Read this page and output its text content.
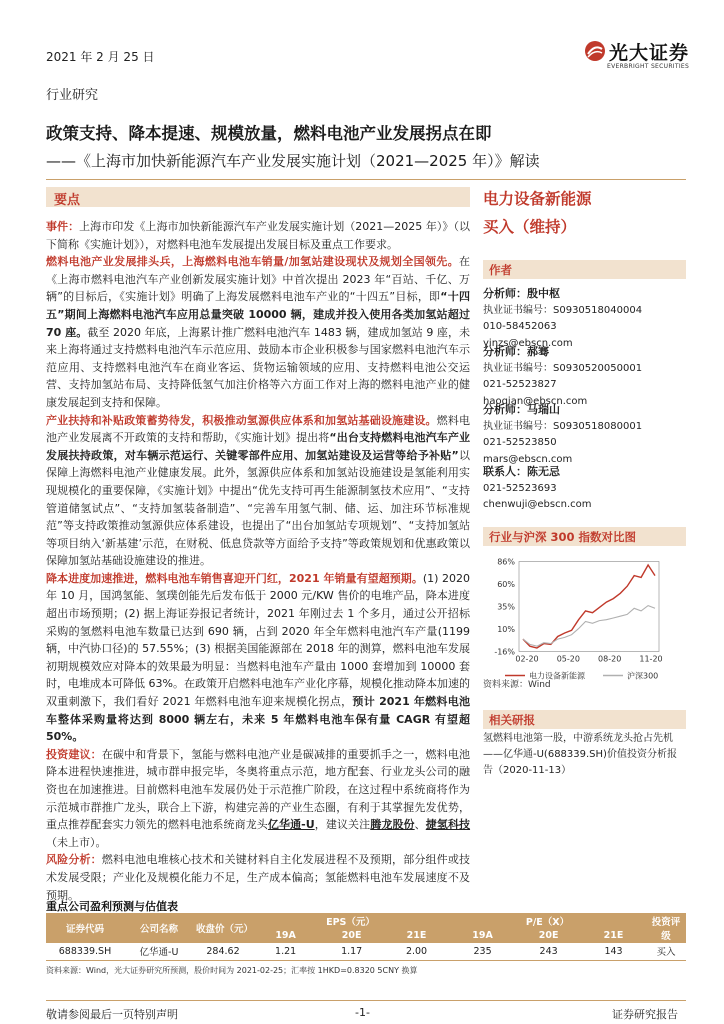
2021 年 2 月 25 日	光大证券
EVERBRIGHT SECURITIES
行业研究
政策支持、降本提速、规模放量，燃料电池产业发展拐点在即
——《上海市加快新能源汽车产业发展实施计划（2021—2025 年）》解读
要点

事件：上海市印发《上海市加快新能源汽车产业发展实施计划（2021—2025 年）》（以下简称《实施计划》），对燃料电池车发展提出发展目标及重点工作要求。

燃料电池产业发展排头兵，上海燃料电池车销量/加氢站建设现状及规划全国领先。在《上海市燃料电池汽车产业创新发展实施计划》中首次提出 2023 年“百站、千亿、万辆”的目标后，《实施计划》明确了上海发展燃料电池车产业的“十四五”目标，即“十四五”期间上海燃料电池汽车应用总量突破 10000 辆，建成并投入使用各类加氢站超过 70 座。截至 2020 年底，上海累计推广燃料电池汽车 1483 辆，建成加氢站 9 座，未来上海将通过支持燃料电池汽车示范应用、鼓励本市企业积极参与国家燃料电池汽车示范应用、支持燃料电池汽车在商业客运、货物运输领域的应用、支持燃料电池公交运营、支持加氢站布局、支持降低氢气加注价格等六方面工作对上海的燃料电池产业的健康发展起到支持和保障。

产业扶持和补贴政策蓄势待发，积极推动氢源供应体系和加氢站基础设施建设。燃料电池产业发展离不开政策的支持和帮助，《实施计划》提出将“出台支持燃料电池汽车产业发展扶持政策，对车辆示范运行、关键零部件应用、加氢站建设及运营等给予补贴”以保障上海燃料电池产业健康发展。此外，氢源供应体系和加氢站设施建设是氢能利用实现规模化的重要保障，《实施计划》中提出“优先支持可再生能源制氢技术应用”、“支持管道储氢试点”、“支持加氢装备制造”、“完善车用氢气制、储、运、加注环节标准规范”等支持政策推动氢源供应体系建设，也提出了“出台加氢站专项规划”、“支持加氢站等项目纳入‘新基建’示范，在财税、低息贷款等方面给予支持”等政策规划和优惠政策以保障加氢站基础设施建设的推进。

降本进度加速推进，燃料电池车销售喜迎开门红，2021 年销量有望超预期。(1) 2020 年 10 月，国鸿氢能、氢璞创能先后发布低于 2000 元/KW 售价的电堆产品，降本进度超出市场预期；(2) 据上海证券报记者统计，2021 年刚过去 1 个多月，通过公开招标采购的氢燃料电池车数量已达到 690 辆，占到 2020 年全年燃料电池汽车产量(1199 辆，中汽协口径)的 57.55%；(3) 根据美国能源部在 2018 年的测算，燃料电池车发展初期规模效应对降本的效果最为明显：当燃料电池车产量由 1000 套增加到 10000 套时，电堆成本可降低 63%。在政策开启燃料电池车产业化序幕，规模化推动降本加速的双重刺激下，我们看好 2021 年燃料电池车迎来规模化拐点，预计 2021 年燃料电池车整体采购量将达到 8000 辆左右，未来 5 年燃料电池车保有量 CAGR 有望超 50%。

投资建议：在碳中和背景下，氢能与燃料电池产业是碳减排的重要抓手之一，燃料电池降本进程快速推进，城市群申报完毕，冬奥将重点示范，地方配套、行业龙头公司的融资也在加速推进。目前燃料电池车发展仍处于示范推广阶段，在这过程中系统商将作为示范城市群推广龙头，联合上下游，构建完善的产业生态圈，有利于其掌握先发优势，重点推荐配套实力领先的燃料电池系统商龙头亿华通-U，建议关注腾龙股份、捷氢科技（未上市）。

风险分析：燃料电池电堆核心技术和关键材料自主化发展进程不及预期，部分组件或技术发展受限；产业化及规模化能力不足，生产成本偏高；氢能燃料电池车发展速度不及预期。

电力设备新能源
买入（维持）
作者
分析师：殷中枢
执业证书编号：S0930518040004
010-58452063
yinzs@ebscn.com
分析师：郝骞
执业证书编号：S0930520050001
021-52523827
haoqian@ebscn.com
分析师：马瑞山
执业证书编号：S0930518080001
021-52523850
mars@ebscn.com
联系人：陈无忌
021-52523693
chenwuji@ebscn.com
行业与沪深 300 指数对比图
86%
60%
35%
10%
-16%
02-20 05-20 08-20 11-20
电力设备新能源	沪深300
资料来源：Wind
相关研报
氢燃料电池第一股，中游系统龙头抢占先机——亿华通-U(688339.SH)价值投资分析报告（2020-11-13）
重点公司盈利预测与估值表
证券代码	公司名称	收盘价（元）	EPS（元）			P/E（X）			投资评级
			19A	20E	21E	19A	20E	21E	
688339.SH	亿华通-U	284.62	1.21	1.17	2.00	235	243	143	买入
资料来源：Wind，光大证券研究所预测，股价时间为 2021-02-25；汇率按 1HKD=0.8320 5CNY 换算
敬请参阅最后一页特别声明	-1-	证券研究报告
